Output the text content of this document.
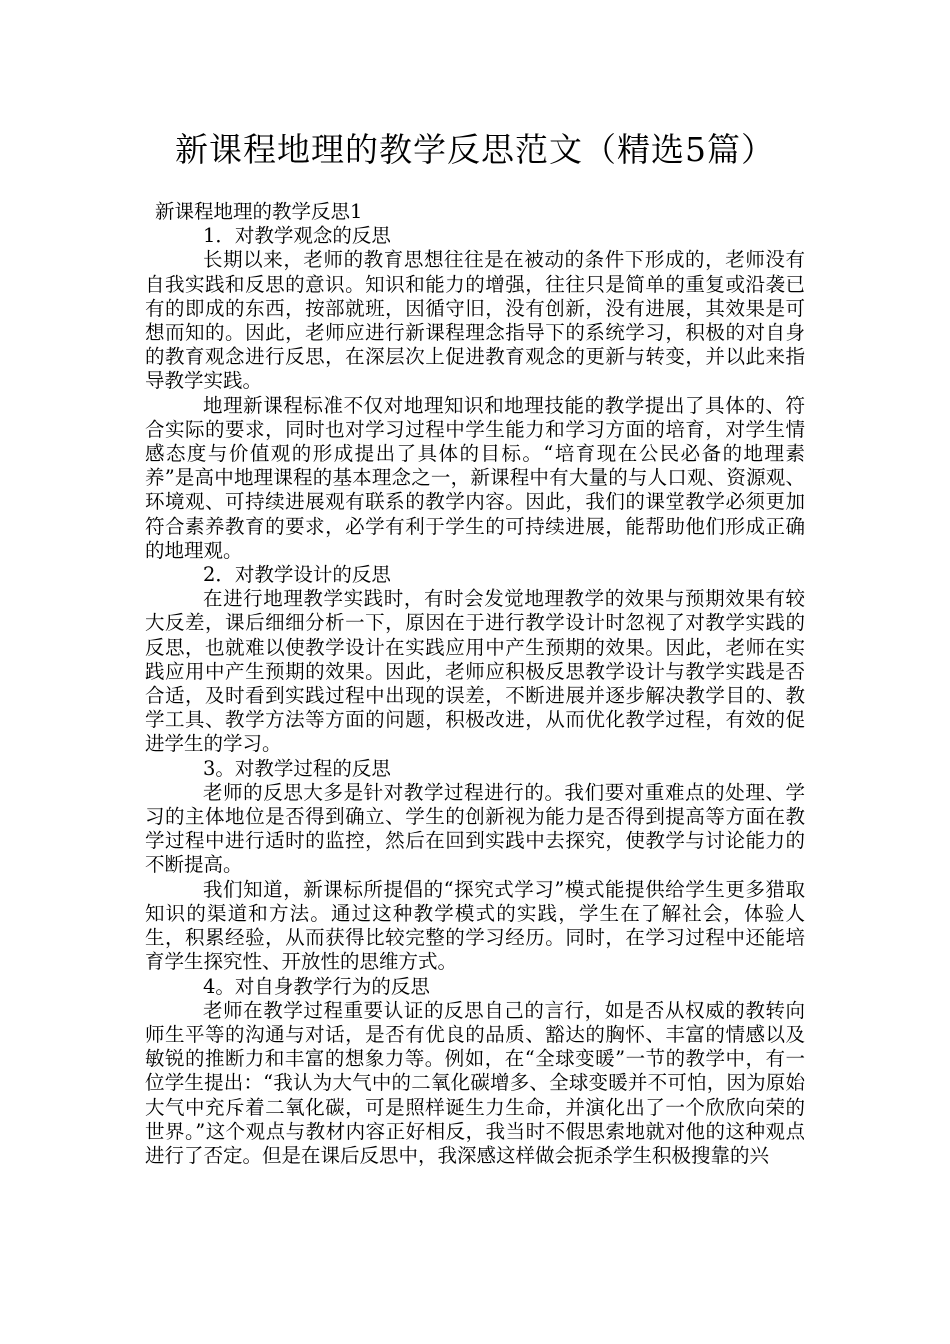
新课程地理的教学反思范文（精选5篇）
新课程地理的教学反思1

1．对教学观念的反思

长期以来，老师的教育思想往往是在被动的条件下形成的，老师没有自我实践和反思的意识。知识和能力的增强，往往只是简单的重复或沿袭已有的即成的东西，按部就班，因循守旧，没有创新，没有进展，其效果是可想而知的。因此，老师应进行新课程理念指导下的系统学习，积极的对自身的教育观念进行反思，在深层次上促进教育观念的更新与转变，并以此来指导教学实践。

地理新课程标准不仅对地理知识和地理技能的教学提出了具体的、符合实际的要求，同时也对学习过程中学生能力和学习方面的培育，对学生情感态度与价值观的形成提出了具体的目标。“培育现在公民必备的地理素养”是高中地理课程的基本理念之一，新课程中有大量的与人口观、资源观、环境观、可持续进展观有联系的教学内容。因此，我们的课堂教学必须更加符合素养教育的要求，必学有利于学生的可持续进展，能帮助他们形成正确的地理观。

2．对教学设计的反思

在进行地理教学实践时，有时会发觉地理教学的效果与预期效果有较大反差，课后细细分析一下，原因在于进行教学设计时忽视了对教学实践的反思，也就难以使教学设计在实践应用中产生预期的效果。因此，老师在实践应用中产生预期的效果。因此，老师应积极反思教学设计与教学实践是否合适，及时看到实践过程中出现的误差，不断进展并逐步解决教学目的、教学工具、教学方法等方面的问题，积极改进，从而优化教学过程，有效的促进学生的学习。

3。对教学过程的反思

老师的反思大多是针对教学过程进行的。我们要对重难点的处理、学习的主体地位是否得到确立、学生的创新视为能力是否得到提高等方面在教学过程中进行适时的监控，然后在回到实践中去探究，使教学与讨论能力的不断提高。

我们知道，新课标所提倡的“探究式学习”模式能提供给学生更多猎取知识的渠道和方法。通过这种教学模式的实践，学生在了解社会，体验人生，积累经验，从而获得比较完整的学习经历。同时，在学习过程中还能培育学生探究性、开放性的思维方式。

4。对自身教学行为的反思

老师在教学过程重要认证的反思自己的言行，如是否从权威的教转向师生平等的沟通与对话，是否有优良的品质、豁达的胸怀、丰富的情感以及敏锐的推断力和丰富的想象力等。例如，在“全球变暖”一节的教学中，有一位学生提出：“我认为大气中的二氧化碳增多、全球变暖并不可怕，因为原始大气中充斥着二氧化碳，可是照样诞生力生命，并演化出了一个欣欣向荣的世界。”这个观点与教材内容正好相反，我当时不假思索地就对他的这种观点进行了否定。但是在课后反思中，我深感这样做会扼杀学生积极搜靠的兴
